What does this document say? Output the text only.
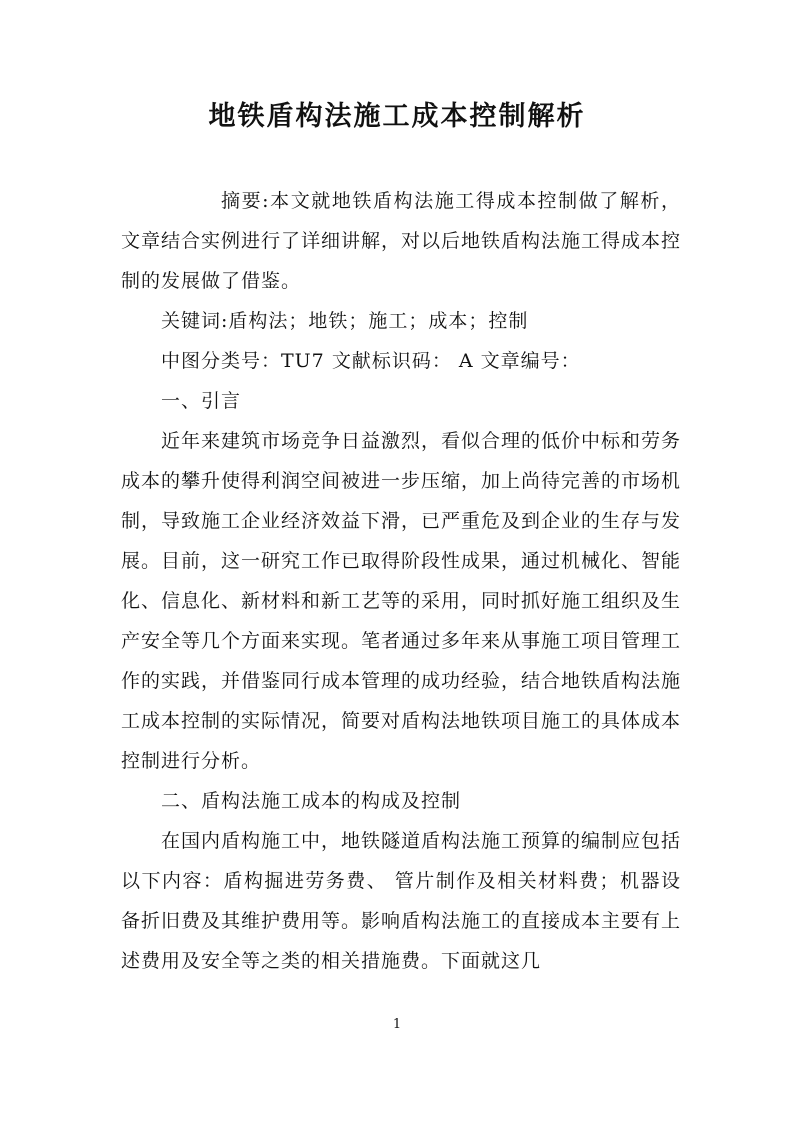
地铁盾构法施工成本控制解析

摘要:本文就地铁盾构法施工得成本控制做了解析，文章结合实例进行了详细讲解，对以后地铁盾构法施工得成本控制的发展做了借鉴。

关键词:盾构法；地铁；施工；成本；控制

中图分类号：TU7 文献标识码： A 文章编号：

一、引言

近年来建筑市场竞争日益激烈，看似合理的低价中标和劳务成本的攀升使得利润空间被进一步压缩，加上尚待完善的市场机制，导致施工企业经济效益下滑，已严重危及到企业的生存与发展。目前，这一研究工作已取得阶段性成果，通过机械化、智能化、信息化、新材料和新工艺等的采用，同时抓好施工组织及生产安全等几个方面来实现。笔者通过多年来从事施工项目管理工作的实践，并借鉴同行成本管理的成功经验，结合地铁盾构法施工成本控制的实际情况，简要对盾构法地铁项目施工的具体成本控制进行分析。

二、盾构法施工成本的构成及控制

在国内盾构施工中，地铁隧道盾构法施工预算的编制应包括以下内容：盾构掘进劳务费、 管片制作及相关材料费；机器设备折旧费及其维护费用等。影响盾构法施工的直接成本主要有上述费用及安全等之类的相关措施费。下面就这几

1
